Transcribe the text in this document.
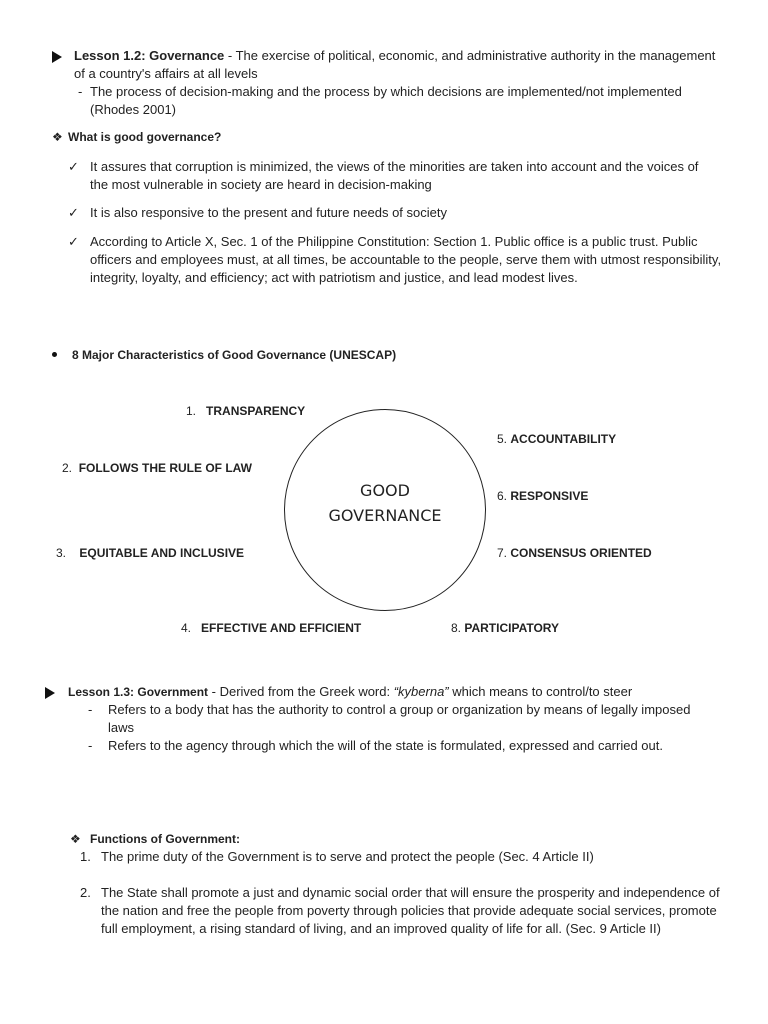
Lesson 1.2: Governance - The exercise of political, economic, and administrative authority in the management of a country's affairs at all levels
- The process of decision-making and the process by which decisions are implemented/not implemented (Rhodes 2001)
❖ What is good governance?
✓ It assures that corruption is minimized, the views of the minorities are taken into account and the voices of the most vulnerable in society are heard in decision-making
✓ It is also responsive to the present and future needs of society
✓ According to Article X, Sec. 1 of the Philippine Constitution: Section 1. Public office is a public trust. Public officers and employees must, at all times, be accountable to the people, serve them with utmost responsibility, integrity, loyalty, and efficiency; act with patriotism and justice, and lead modest lives.
8 Major Characteristics of Good Governance (UNESCAP)
GOOD
GOVERNANCE
1. TRANSPARENCY
2. FOLLOWS THE RULE OF LAW
3. EQUITABLE AND INCLUSIVE
4. EFFECTIVE AND EFFICIENT
5. ACCOUNTABILITY
6. RESPONSIVE
7. CONSENSUS ORIENTED
8. PARTICIPATORY
Lesson 1.3: Government - Derived from the Greek word: “kyberna” which means to control/to steer
- Refers to a body that has the authority to control a group or organization by means of legally imposed laws
- Refers to the agency through which the will of the state is formulated, expressed and carried out.
❖ Functions of Government:
1. The prime duty of the Government is to serve and protect the people (Sec. 4 Article II)
2. The State shall promote a just and dynamic social order that will ensure the prosperity and independence of the nation and free the people from poverty through policies that provide adequate social services, promote full employment, a rising standard of living, and an improved quality of life for all. (Sec. 9 Article II)
